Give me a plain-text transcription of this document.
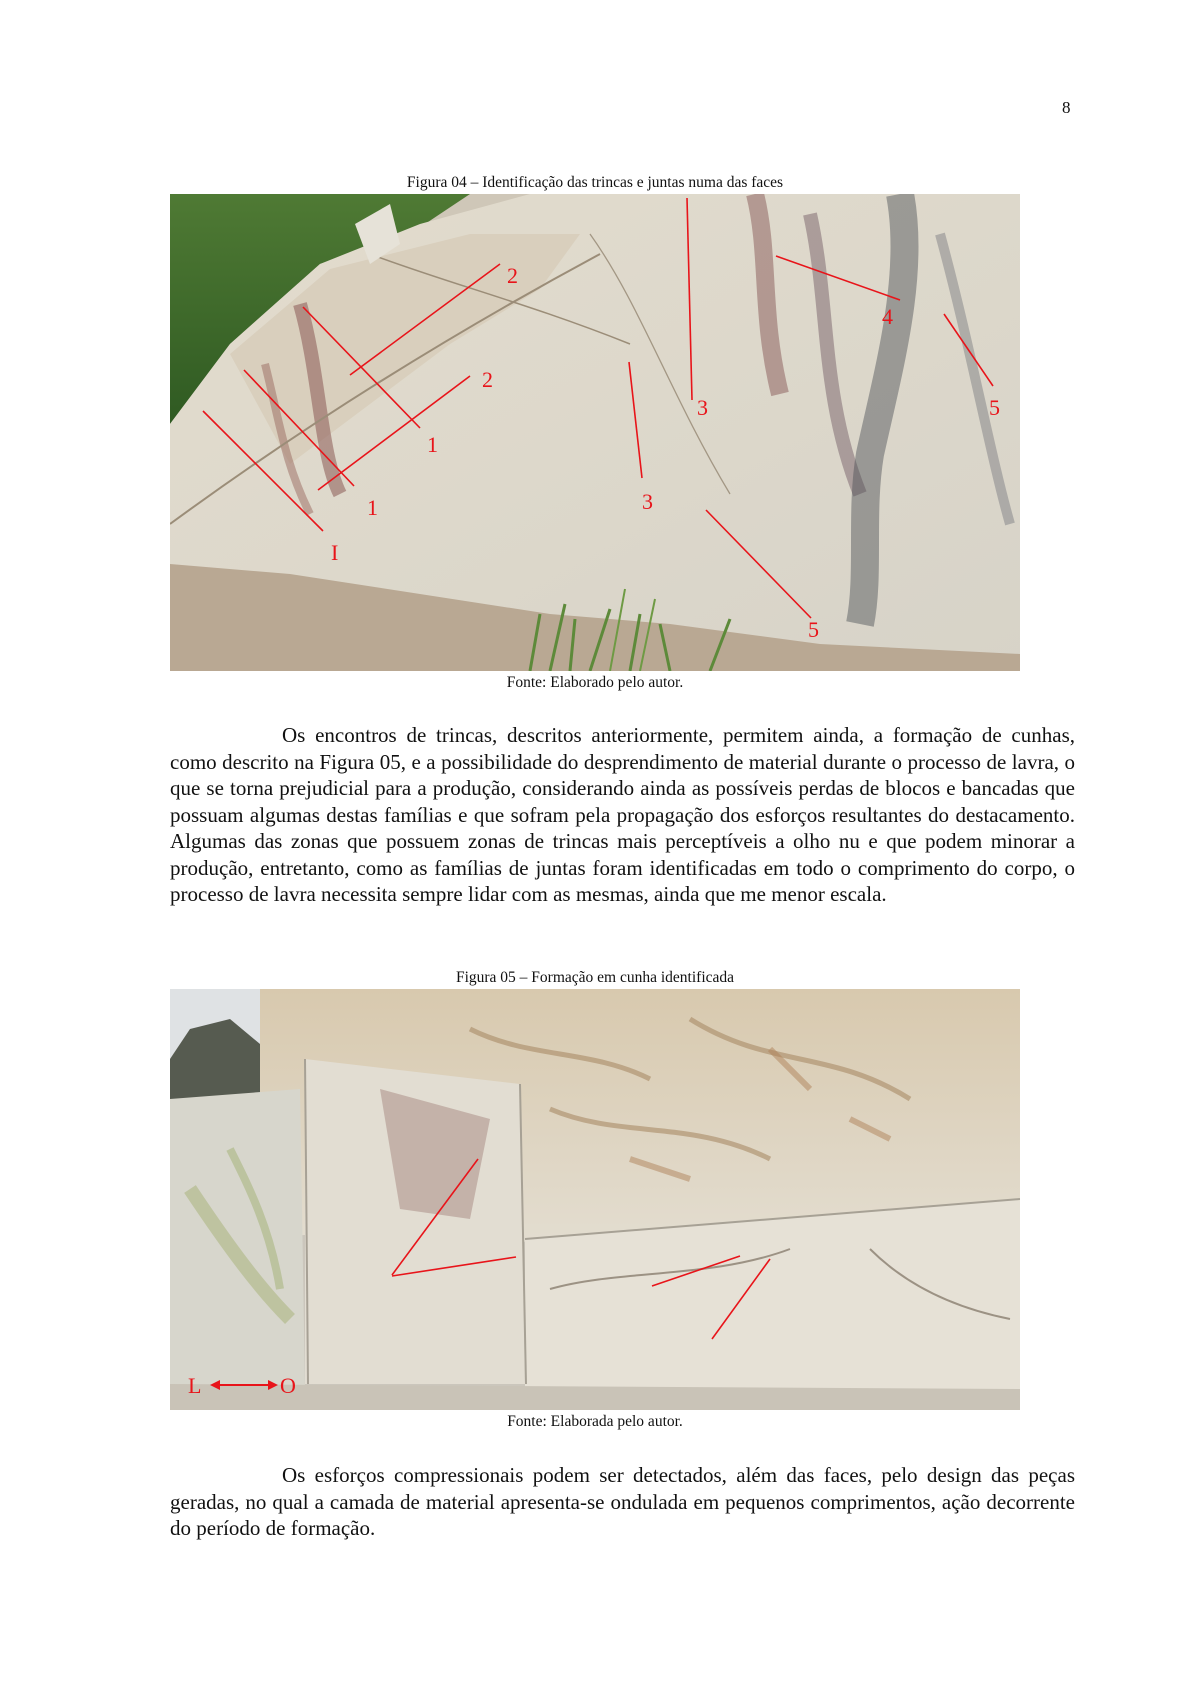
8
Figura 04 – Identificação das trincas e juntas numa das faces
2
2
1
1
I
3
3
4
5
5
Fonte: Elaborado pelo autor.

Os encontros de trincas, descritos anteriormente, permitem ainda, a formação de cunhas, como descrito na Figura 05, e a possibilidade do desprendimento de material durante o processo de lavra, o que se torna prejudicial para a produção, considerando ainda as possíveis perdas de blocos e bancadas que possuam algumas destas famílias e que sofram pela propagação dos esforços resultantes do destacamento. Algumas das zonas que possuem zonas de trincas mais perceptíveis a olho nu e que podem minorar a produção, entretanto, como as famílias de juntas foram identificadas em todo o comprimento do corpo, o processo de lavra necessita sempre lidar com as mesmas, ainda que me menor escala.

Figura 05 – Formação em cunha identificada
L	O
Fonte: Elaborada pelo autor.

Os esforços compressionais podem ser detectados, além das faces, pelo design das peças geradas, no qual a camada de material apresenta-se ondulada em pequenos comprimentos, ação decorrente do período de formação.
